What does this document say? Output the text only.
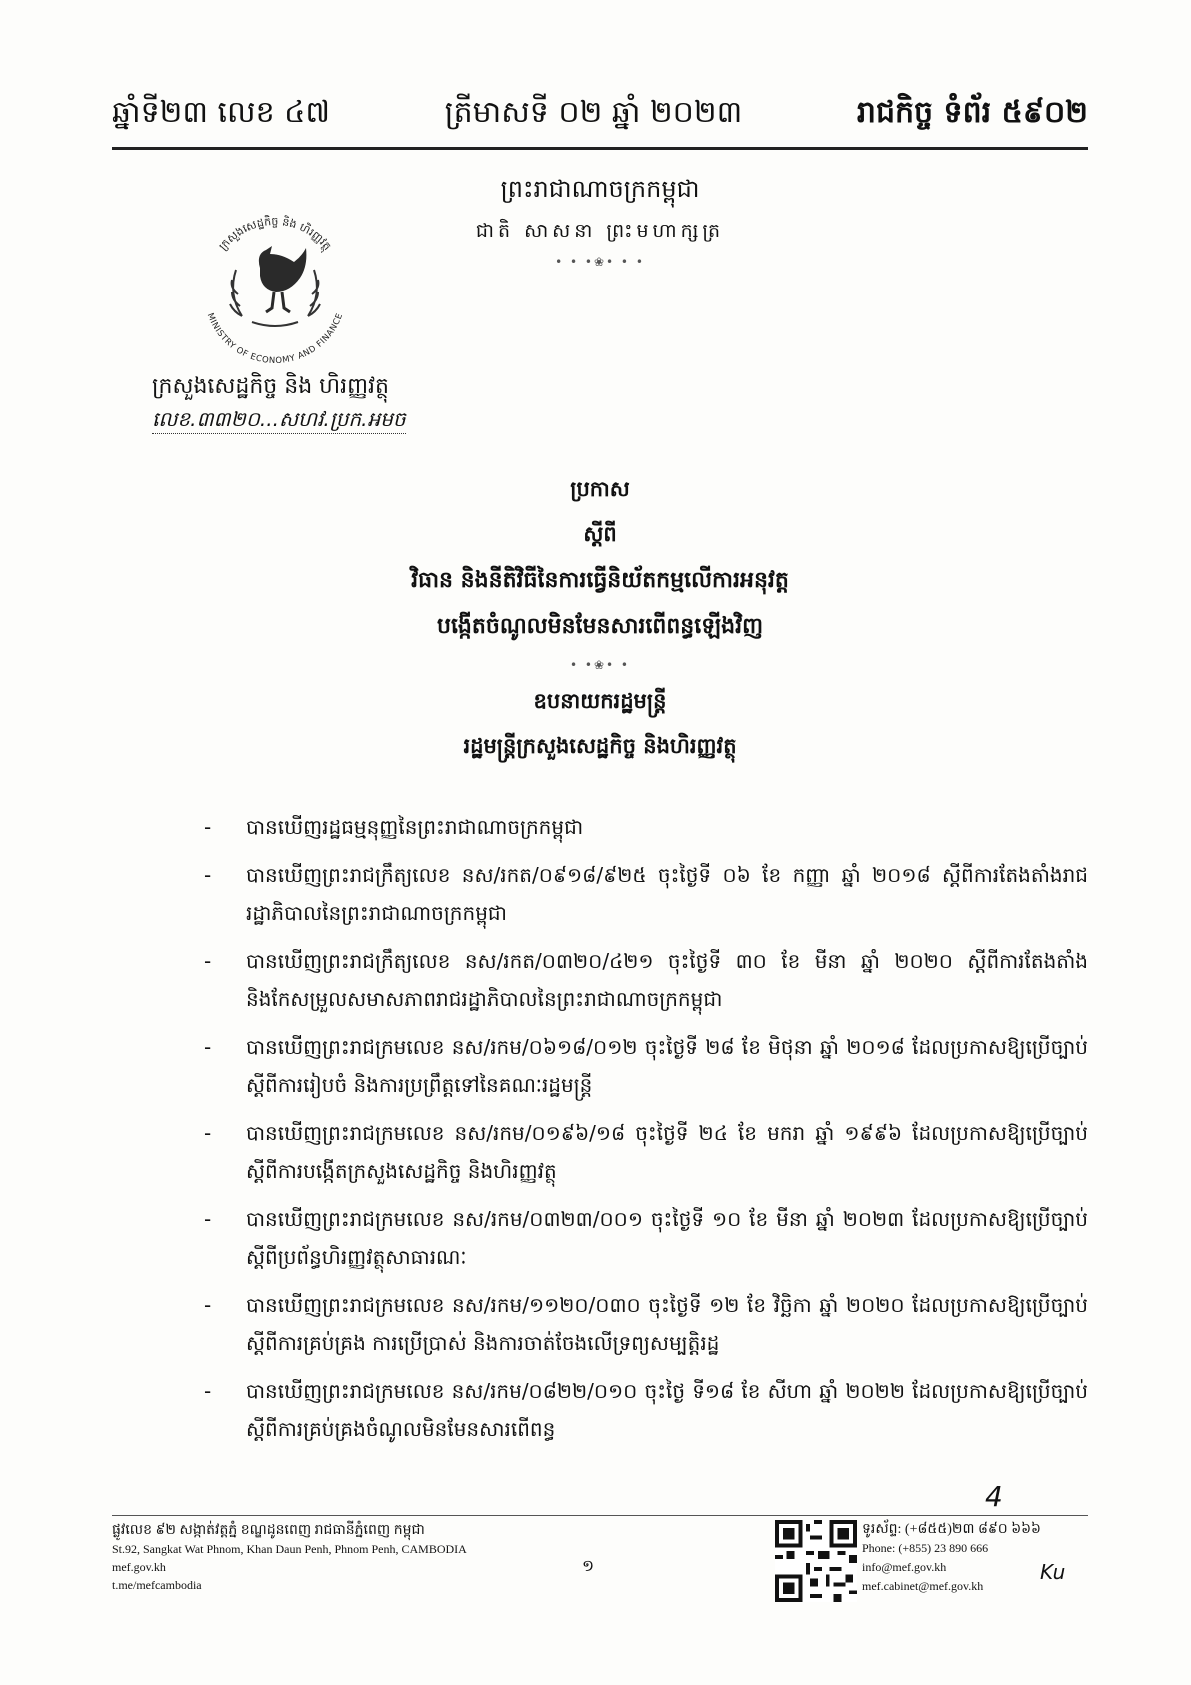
ឆ្នាំទី២៣ លេខ ៤៧	ត្រីមាសទី ០២ ឆ្នាំ ២០២៣	រាជកិច្ច ទំព័រ ៥៩០២
ព្រះរាជាណាចក្រកម្ពុជា
ជាតិ សាសនា ព្រះមហាក្សត្រ
• • •❀• • •
ក្រសួងសេដ្ឋកិច្ច និង ហិរញ្ញវត្ថុ
MINISTRY OF ECONOMY AND FINANCE
ក្រសួងសេដ្ឋកិច្ច និង ហិរញ្ញវត្ថុ
លេខ.៣៣២០...សហវ.ប្រក.អមច
ប្រកាស
ស្តីពី
វិធាន និងនីតិវិធីនៃការធ្វើនិយ័តកម្មលើការអនុវត្ត
បង្កើតចំណូលមិនមែនសារពើពន្ធឡើងវិញ
• •❀• •
ឧបនាយករដ្ឋមន្ត្រី
រដ្ឋមន្ត្រីក្រសួងសេដ្ឋកិច្ច និងហិរញ្ញវត្ថុ
-	បានឃើញរដ្ឋធម្មនុញ្ញនៃព្រះរាជាណាចក្រកម្ពុជា
-	បានឃើញព្រះរាជក្រឹត្យលេខ នស/រកត/០៩១៨/៩២៥ ចុះថ្ងៃទី ០៦ ខែ កញ្ញា ឆ្នាំ ២០១៨ ស្តីពីការតែងតាំងរាជរដ្ឋាភិបាលនៃព្រះរាជាណាចក្រកម្ពុជា
-	បានឃើញព្រះរាជក្រឹត្យលេខ នស/រកត/០៣២០/៤២១ ចុះថ្ងៃទី ៣០ ខែ មីនា ឆ្នាំ ២០២០ ស្តីពីការតែងតាំង និងកែសម្រួលសមាសភាពរាជរដ្ឋាភិបាលនៃព្រះរាជាណាចក្រកម្ពុជា
-	បានឃើញព្រះរាជក្រមលេខ នស/រកម/០៦១៨/០១២ ចុះថ្ងៃទី ២៨ ខែ មិថុនា ឆ្នាំ ២០១៨ ដែលប្រកាសឱ្យប្រើច្បាប់ស្តីពីការរៀបចំ និងការប្រព្រឹត្តទៅនៃគណៈរដ្ឋមន្ត្រី
-	បានឃើញព្រះរាជក្រមលេខ នស/រកម/០១៩៦/១៨ ចុះថ្ងៃទី ២៤ ខែ មករា ឆ្នាំ ១៩៩៦ ដែលប្រកាសឱ្យប្រើច្បាប់ស្តីពីការបង្កើតក្រសួងសេដ្ឋកិច្ច និងហិរញ្ញវត្ថុ
-	បានឃើញព្រះរាជក្រមលេខ នស/រកម/០៣២៣/០០១ ចុះថ្ងៃទី ១០ ខែ មីនា ឆ្នាំ ២០២៣ ដែលប្រកាសឱ្យប្រើច្បាប់ស្តីពីប្រព័ន្ធហិរញ្ញវត្ថុសាធារណៈ
-	បានឃើញព្រះរាជក្រមលេខ នស/រកម/១១២០/០៣០ ចុះថ្ងៃទី ១២ ខែ វិច្ឆិកា ឆ្នាំ ២០២០ ដែលប្រកាសឱ្យប្រើច្បាប់ស្តីពីការគ្រប់គ្រង ការប្រើប្រាស់ និងការចាត់ចែងលើទ្រព្យសម្បត្តិរដ្ឋ
-	បានឃើញព្រះរាជក្រមលេខ នស/រកម/០៨២២/០១០ ចុះថ្ងៃ ទី១៨ ខែ សីហា ឆ្នាំ ២០២២ ដែលប្រកាសឱ្យប្រើច្បាប់ស្តីពីការគ្រប់គ្រងចំណូលមិនមែនសារពើពន្ធ
4
ផ្លូវលេខ ៩២ សង្កាត់វត្តភ្នំ ខណ្ឌដូនពេញ រាជធានីភ្នំពេញ កម្ពុជា
St.92, Sangkat Wat Phnom, Khan Daun Penh, Phnom Penh, CAMBODIA
mef.gov.kh
t.me/mefcambodia
១
ទូរស័ព្ទ: (+៨៥៥)២៣ ៨៩០ ៦៦៦
Phone: (+855) 23 890 666
info@mef.gov.kh
mef.cabinet@mef.gov.kh
Ku
